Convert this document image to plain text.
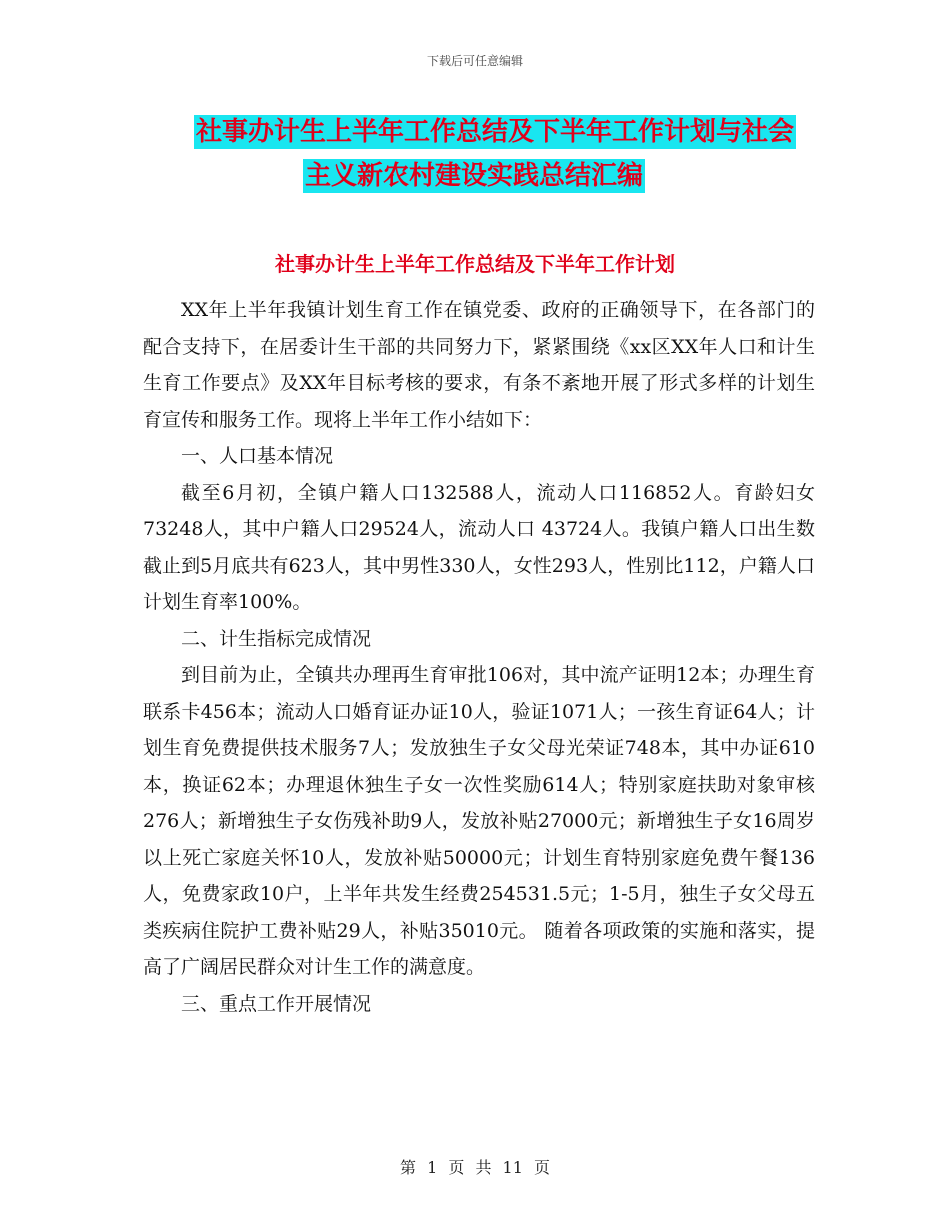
下载后可任意编辑
社事办计生上半年工作总结及下半年工作计划与社会
主义新农村建设实践总结汇编
社事办计生上半年工作总结及下半年工作计划

XX年上半年我镇计划生育工作在镇党委、政府的正确领导下，在各部门的配合支持下，在居委计生干部的共同努力下，紧紧围绕《xx区XX年人口和计生生育工作要点》及XX年目标考核的要求，有条不紊地开展了形式多样的计划生育宣传和服务工作。现将上半年工作小结如下：

一、人口基本情况

截至6月初，全镇户籍人口132588人，流动人口116852人。育龄妇女73248人，其中户籍人口29524人，流动人口 43724人。我镇户籍人口出生数截止到5月底共有623人，其中男性330人，女性293人，性别比112，户籍人口计划生育率100%。

二、计生指标完成情况

到目前为止，全镇共办理再生育审批106对，其中流产证明12本；办理生育联系卡456本；流动人口婚育证办证10人，验证1071人；一孩生育证64人；计划生育免费提供技术服务7人；发放独生子女父母光荣证748本，其中办证610本，换证62本；办理退休独生子女一次性奖励614人；特别家庭扶助对象审核276人；新增独生子女伤残补助9人，发放补贴27000元；新增独生子女16周岁以上死亡家庭关怀10人，发放补贴50000元；计划生育特别家庭免费午餐136人，免费家政10户，上半年共发生经费254531.5元；1-5月，独生子女父母五类疾病住院护工费补贴29人，补贴35010元。 随着各项政策的实施和落实，提高了广阔居民群众对计生工作的满意度。

三、重点工作开展情况

第 1 页 共 11 页
